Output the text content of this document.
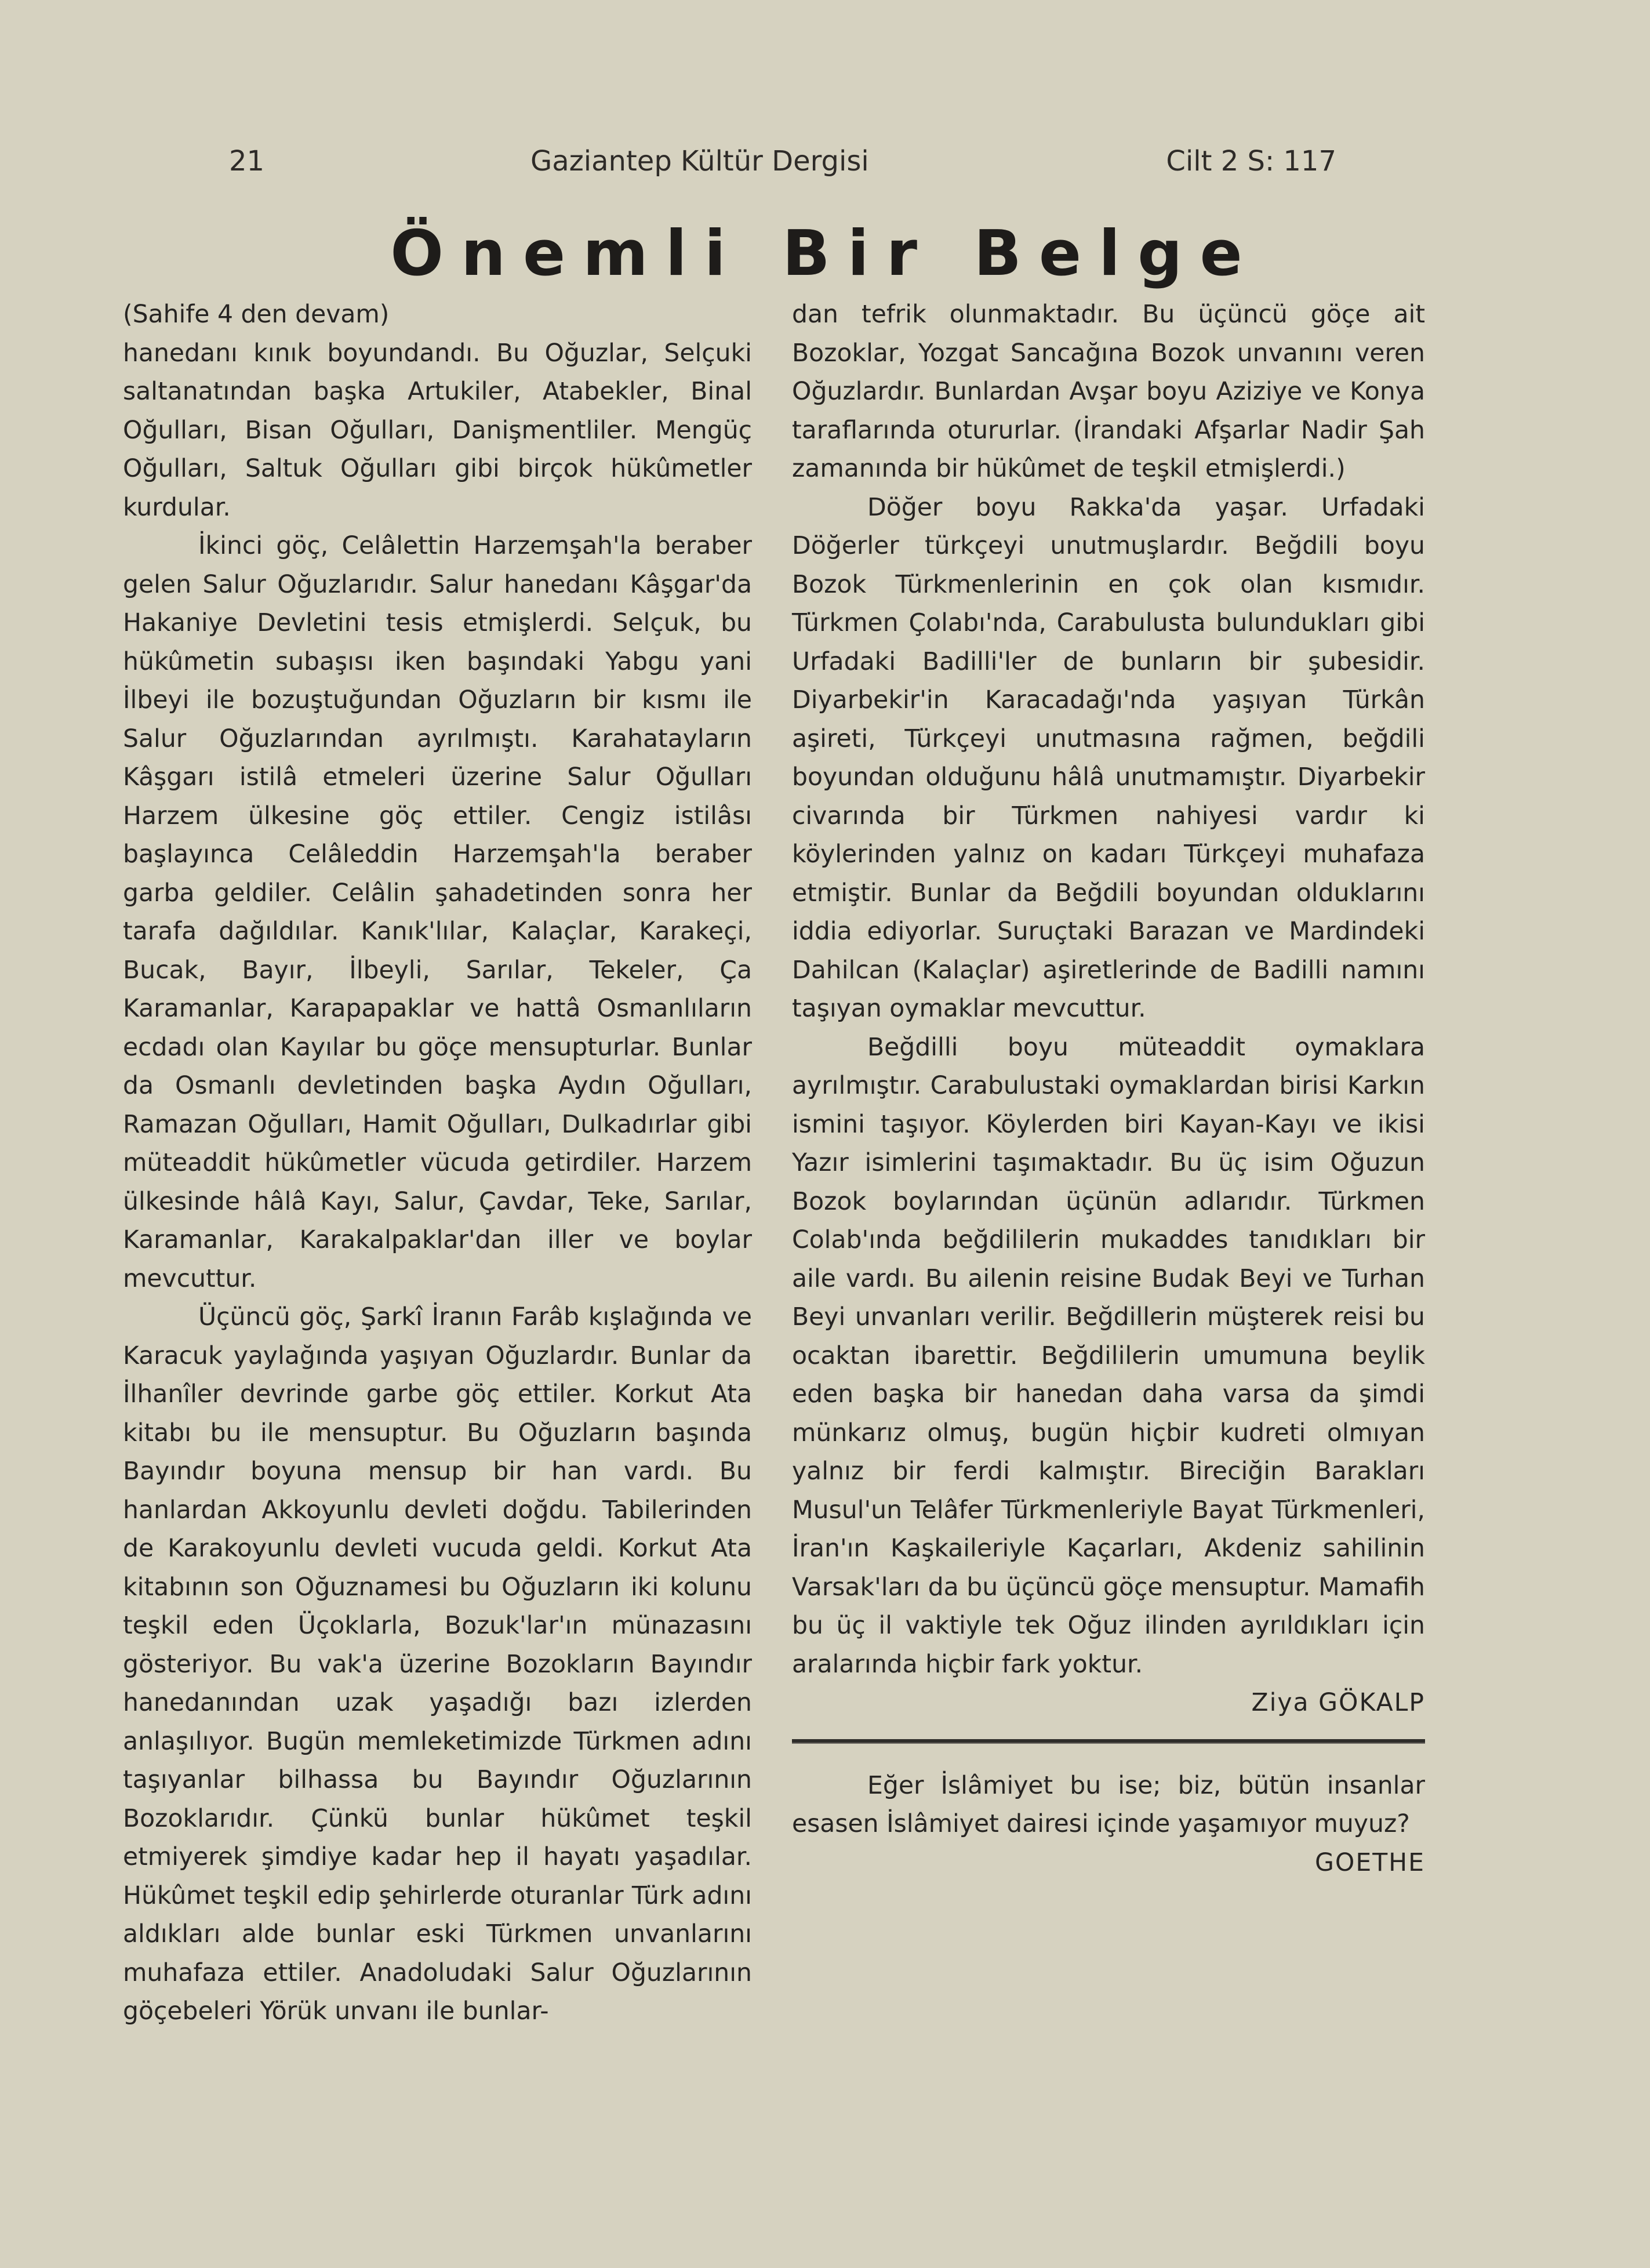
21	Gaziantep Kültür Dergisi	Cilt 2 S: 117
Önemli Bir Belge

(Sahife 4 den devam)

hanedanı kınık boyundandı. Bu Oğuzlar, Selçuki saltanatından başka Artukiler, Atabekler, Binal Oğulları, Bisan Oğulları, Danişmentliler. Mengüç Oğulları, Saltuk Oğulları gibi birçok hükûmetler kurdular.

İkinci göç, Celâlettin Harzemşah'la beraber gelen Salur Oğuzlarıdır. Salur hanedanı Kâşgar'da Hakaniye Devletini tesis etmişlerdi. Selçuk, bu hükûmetin subaşısı iken başındaki Yabgu yani İlbeyi ile bozuştuğundan Oğuzların bir kısmı ile Salur Oğuzlarından ayrılmıştı. Karahatayların Kâşgarı istilâ etmeleri üzerine Salur Oğulları Harzem ülkesine göç ettiler. Cengiz istilâsı başlayınca Celâleddin Harzemşah'la beraber garba geldiler. Celâlin şahadetinden sonra her tarafa dağıldılar. Kanık'lılar, Kalaçlar, Karakeçi, Bucak, Bayır, İlbeyli, Sarılar, Tekeler, Ça Karamanlar, Karapapaklar ve hattâ Osmanlıların ecdadı olan Kayılar bu göçe mensupturlar. Bunlar da Osmanlı devletinden başka Aydın Oğulları, Ramazan Oğulları, Hamit Oğulları, Dulkadırlar gibi müteaddit hükûmetler vücuda getirdiler. Harzem ülkesinde hâlâ Kayı, Salur, Çavdar, Teke, Sarılar, Karamanlar, Karakalpaklar'dan iller ve boylar mevcuttur.

Üçüncü göç, Şarkî İranın Farâb kışlağında ve Karacuk yaylağında yaşıyan Oğuzlardır. Bunlar da İlhanîler devrinde garbe göç ettiler. Korkut Ata kitabı bu ile mensuptur. Bu Oğuzların başında Bayındır boyuna mensup bir han vardı. Bu hanlardan Akkoyunlu devleti doğdu. Tabilerinden de Karakoyunlu devleti vucuda geldi. Korkut Ata kitabının son Oğuznamesi bu Oğuzların iki kolunu teşkil eden Üçoklarla, Bozuk'lar'ın münazasını gösteriyor. Bu vak'a üzerine Bozokların Bayındır hanedanından uzak yaşadığı bazı izlerden anlaşılıyor. Bugün memleketimizde Türkmen adını taşıyanlar bilhassa bu Bayındır Oğuzlarının Bozoklarıdır. Çünkü bunlar hükûmet teşkil etmiyerek şimdiye kadar hep il hayatı yaşadılar. Hükûmet teşkil edip şehirlerde oturanlar Türk adını aldıkları alde bunlar eski Türkmen unvanlarını muhafaza ettiler. Anadoludaki Salur Oğuzlarının göçebeleri Yörük unvanı ile bunlar-

dan tefrik olunmaktadır. Bu üçüncü göçe ait Bozoklar, Yozgat Sancağına Bozok unvanını veren Oğuzlardır. Bunlardan Avşar boyu Aziziye ve Konya taraflarında otururlar. (İrandaki Afşarlar Nadir Şah zamanında bir hükûmet de teşkil etmişlerdi.)

Döğer boyu Rakka'da yaşar. Urfadaki Döğerler türkçeyi unutmuşlardır. Beğdili boyu Bozok Türkmenlerinin en çok olan kısmıdır. Türkmen Çolabı'nda, Carabulusta bulundukları gibi Urfadaki Badilli'ler de bunların bir şubesidir. Diyarbekir'in Karacadağı'nda yaşıyan Türkân aşireti, Türkçeyi unutmasına rağmen, beğdili boyundan olduğunu hâlâ unutmamıştır. Diyarbekir civarında bir Türkmen nahiyesi vardır ki köylerinden yalnız on kadarı Türkçeyi muhafaza etmiştir. Bunlar da Beğdili boyundan olduklarını iddia ediyorlar. Suruçtaki Barazan ve Mardindeki Dahilcan (Kalaçlar) aşiretlerinde de Badilli namını taşıyan oymaklar mevcuttur.

Beğdilli boyu müteaddit oymaklara ayrılmıştır. Carabulustaki oymaklardan birisi Karkın ismini taşıyor. Köylerden biri Kayan-Kayı ve ikisi Yazır isimlerini taşımaktadır. Bu üç isim Oğuzun Bozok boylarından üçünün adlarıdır. Türkmen Colab'ında beğdililerin mukaddes tanıdıkları bir aile vardı. Bu ailenin reisine Budak Beyi ve Turhan Beyi unvanları verilir. Beğdillerin müşterek reisi bu ocaktan ibarettir. Beğdililerin umumuna beylik eden başka bir hanedan daha varsa da şimdi münkarız olmuş, bugün hiçbir kudreti olmıyan yalnız bir ferdi kalmıştır. Bireciğin Barakları Musul'un Telâfer Türkmenleriyle Bayat Türkmenleri, İran'ın Kaşkaileriyle Kaçarları, Akdeniz sahilinin Varsak'ları da bu üçüncü göçe mensuptur. Mamafih bu üç il vaktiyle tek Oğuz ilinden ayrıldıkları için aralarında hiçbir fark yoktur.

Ziya GÖKALP

Eğer İslâmiyet bu ise; biz, bütün insanlar esasen İslâmiyet dairesi içinde yaşamıyor muyuz?

GOETHE
